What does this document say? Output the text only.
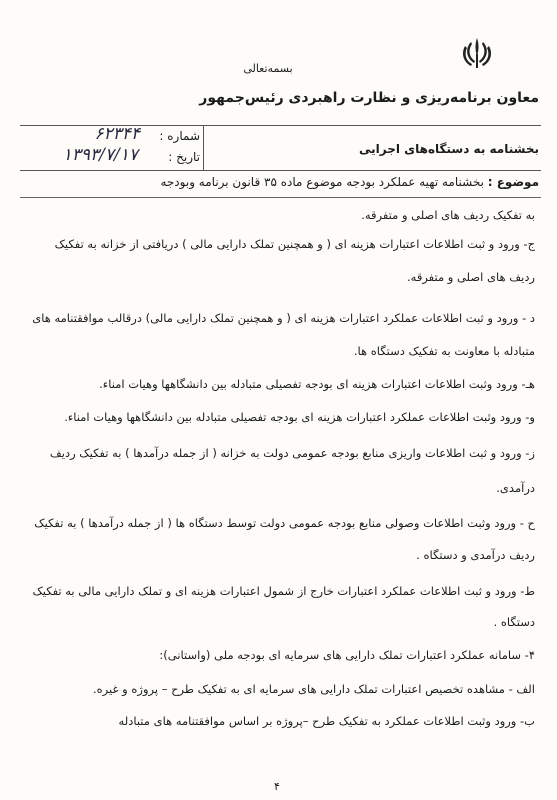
بسمه‌تعالی
معاون برنامه‌ریزی و نظارت راهبردی رئیس‌جمهور
شماره :
۶۲۳۴۴
تاریخ :
۱۳۹۳/۷/۱۷	بخشنامه به دستگاه‌های اجرایی
موضوع : بخشنامه تهیه عملکرد بودجه موضوع ماده ۳۵ قانون برنامه وبودجه
به تفکیک ردیف های اصلی و متفرقه.
ج- ورود و ثبت اطلاعات اعتبارات هزینه ای ( و همچنین تملک دارایی مالی ) دریافتی از خزانه به تفکیک
ردیف های اصلی و متفرقه.
د - ورود و ثبت اطلاعات عملکرد اعتبارات هزینه ای ( و همچنین تملک دارایی مالی) درقالب موافقتنامه های
متبادله با معاونت به تفکیک دستگاه ها.
هـ- ورود وثبت اطلاعات اعتبارات هزینه ای بودجه تفصیلی متبادله بین دانشگاهها وهیات امناء.
و- ورود وثبت اطلاعات عملکرد اعتبارات هزینه ای بودجه تفصیلی متبادله بین دانشگاهها وهیات امناء.
ز- ورود و ثبت اطلاعات واریزی منابع بودجه عمومی دولت به خزانه ( از جمله درآمدها ) به تفکیک ردیف
درآمدی.
ح - ورود وثبت اطلاعات وصولی منابع بودجه عمومی دولت توسط دستگاه ها ( از جمله درآمدها ) به تفکیک
ردیف درآمدی و دستگاه .
ط- ورود و ثبت اطلاعات عملکرد اعتبارات خارج از شمول اعتبارات هزینه ای و تملک دارایی مالی به تفکیک
دستگاه .
۴- سامانه عملکرد اعتبارات تملک دارایی های سرمایه ای بودجه ملی (واستانی):
الف - مشاهده تخصیص اعتبارات تملک دارایی های سرمایه ای به تفکیک طرح – پروژه و غیره.
ب- ورود وثبت اطلاعات عملکرد به تفکیک طرح –پروژه بر اساس موافقتنامه های متبادله
۴
